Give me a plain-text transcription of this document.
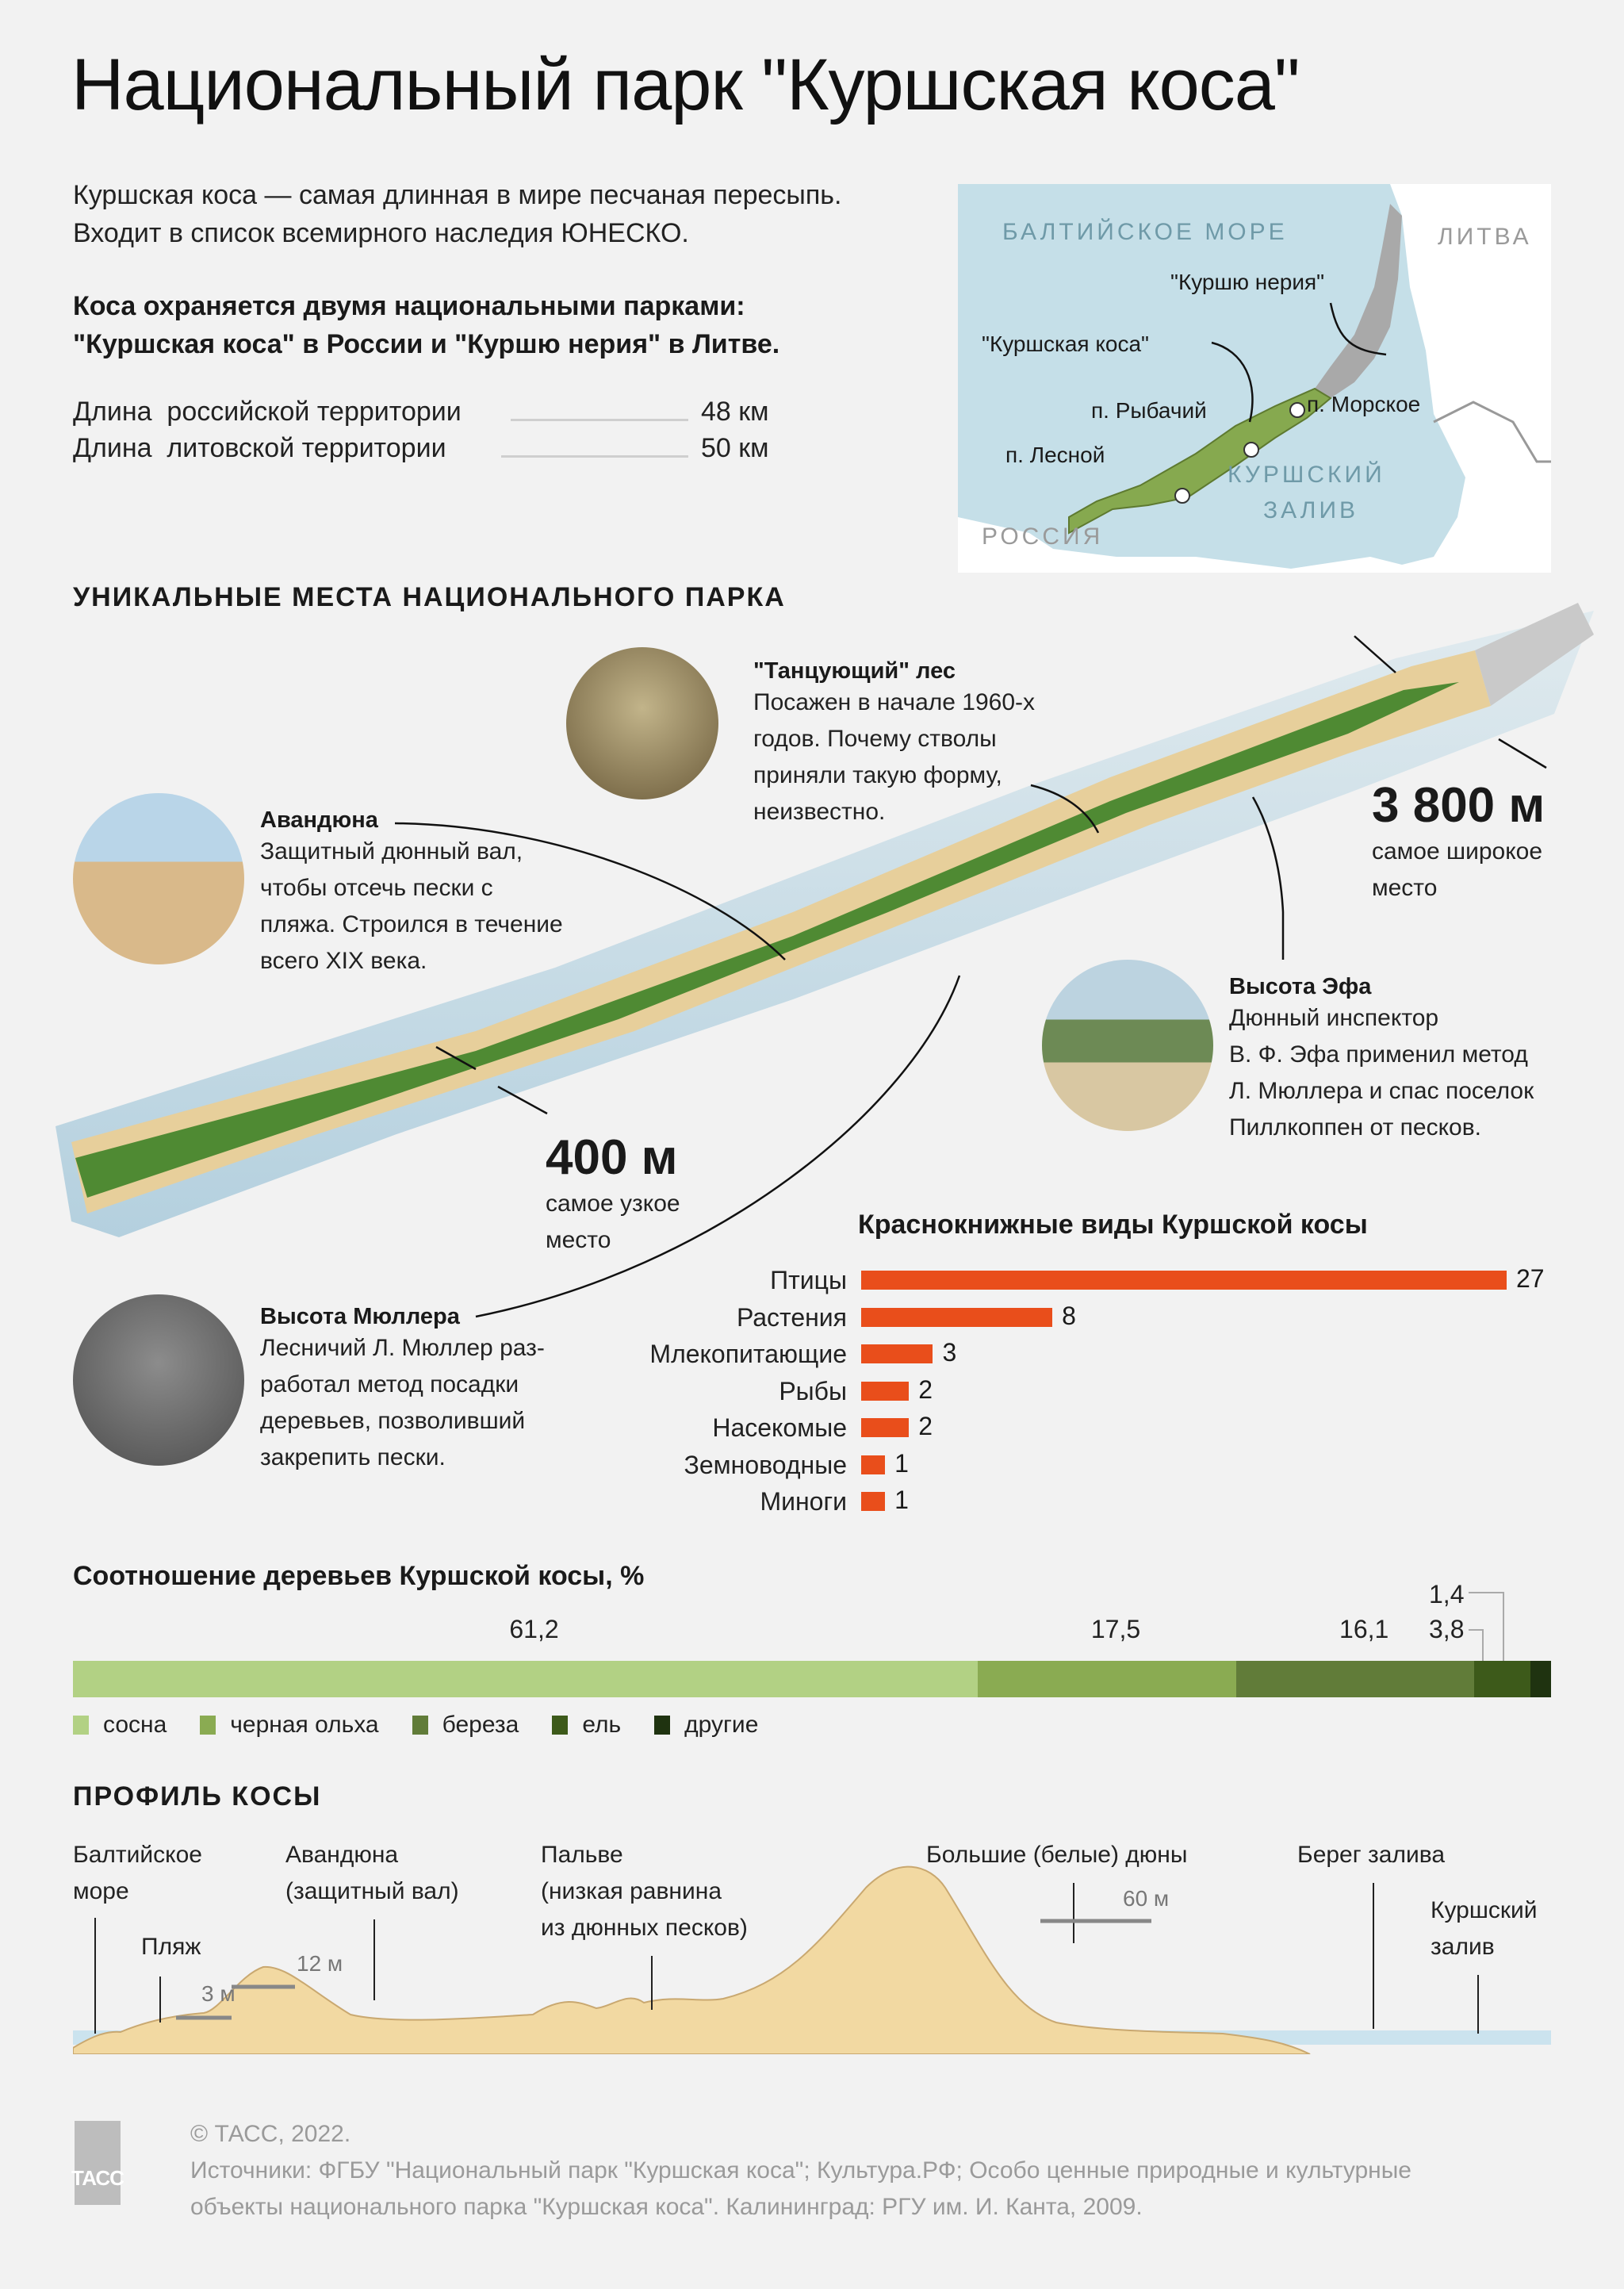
Национальный парк "Куршская коса"
Куршская коса — самая длинная в мире песчаная пересыпь.
Входит в список всемирного наследия ЮНЕСКО.
Коса охраняется двумя национальными парками:
"Куршская коса" в России и "Куршю нерия" в Литве.
Длина  российской территории	48 км
Длина  литовской территории	50 км
БАЛТИЙСКОЕ МОРЕ	ЛИТВА
РОССИЯ
КУРШСКИЙ
ЗАЛИВ
"Куршю нерия"
"Куршская коса"
п. Морское
п. Рыбачий
п. Лесной
УНИКАЛЬНЫЕ МЕСТА НАЦИОНАЛЬНОГО ПАРКА
"Танцующий" лес
Посажен в начале 1960-х
годов. Почему стволы
приняли такую форму,
неизвестно.
Авандюна
Защитный дюнный вал,
чтобы отсечь пески с
пляжа. Строился в течение
всего XIX века.
Высота Эфа
Дюнный инспектор
В. Ф. Эфа применил метод
Л. Мюллера и спас поселок
Пиллкоппен от песков.
Высота Мюллера
Лесничий Л. Мюллер раз-
работал метод посадки
деревьев, позволивший
закрепить пески.
3 800 м
самое широкое
место
400 м
самое узкое
место
Краснокнижные виды Куршской косы
Птицы	27
Растения	8
Млекопитающие	3
Рыбы	2
Насекомые	2
Земноводные 1
Миноги 1
Соотношение деревьев Куршской косы, %
61,2	17,5	16,1 3,8
1,4
сосна	черная ольха	береза	ель	другие
ПРОФИЛЬ КОСЫ
Балтийское
море
Пляж
Авандюна
(защитный вал)
Пальве
(низкая равнина
из дюнных песков)
Большие (белые) дюны	Берег залива
Куршский
залив
3 м
12 м
60 м
ТАСС
© ТАСС, 2022.
Источники: ФГБУ "Национальный парк "Куршская коса"; Культура.РФ; Особо ценные природные и культурные
объекты национального парка "Куршская коса". Калининград: РГУ им. И. Канта, 2009.
